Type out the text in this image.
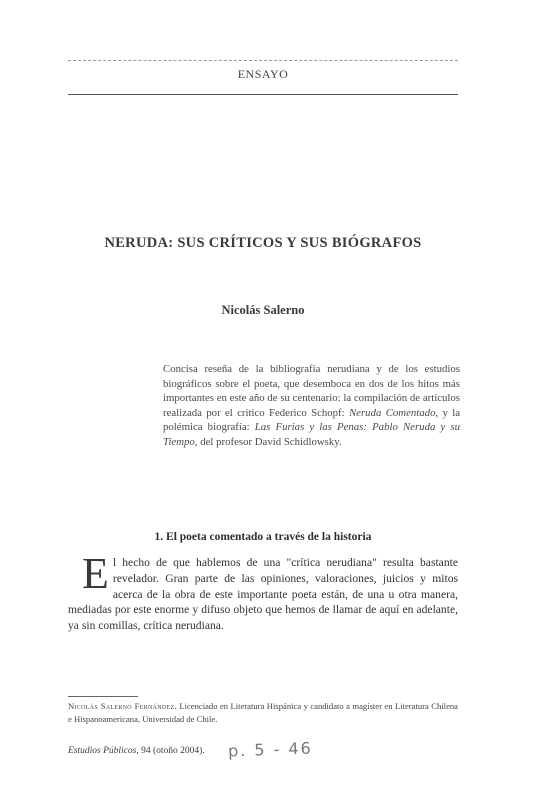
ENSAYO
NERUDA: SUS CRÍTICOS Y SUS BIÓGRAFOS
Nicolás Salerno
Concisa reseña de la bibliografía nerudiana y de los estudios biográficos sobre el poeta, que desemboca en dos de los hitos más importantes en este año de su centenario: la compilación de artículos realizada por el crítico Federico Schopf: Neruda Comentado, y la polémica biografía: Las Furias y las Penas: Pablo Neruda y su Tiempo, del profesor David Schidlowsky.
1. El poeta comentado a través de la historia
El hecho de que hablemos de una "crítica nerudiana" resulta bastante revelador. Gran parte de las opiniones, valoraciones, juicios y mitos acerca de la obra de este importante poeta están, de una u otra manera, mediadas por este enorme y difuso objeto que hemos de llamar de aquí en adelante, ya sin comillas, crítica nerudiana.
Nicolás Salerno Fernández. Licenciado en Literatura Hispánica y candidato a magíster en Literatura Chilena e Hispanoamericana, Universidad de Chile.
Estudios Públicos, 94 (otoño 2004). p. 5 - 46
